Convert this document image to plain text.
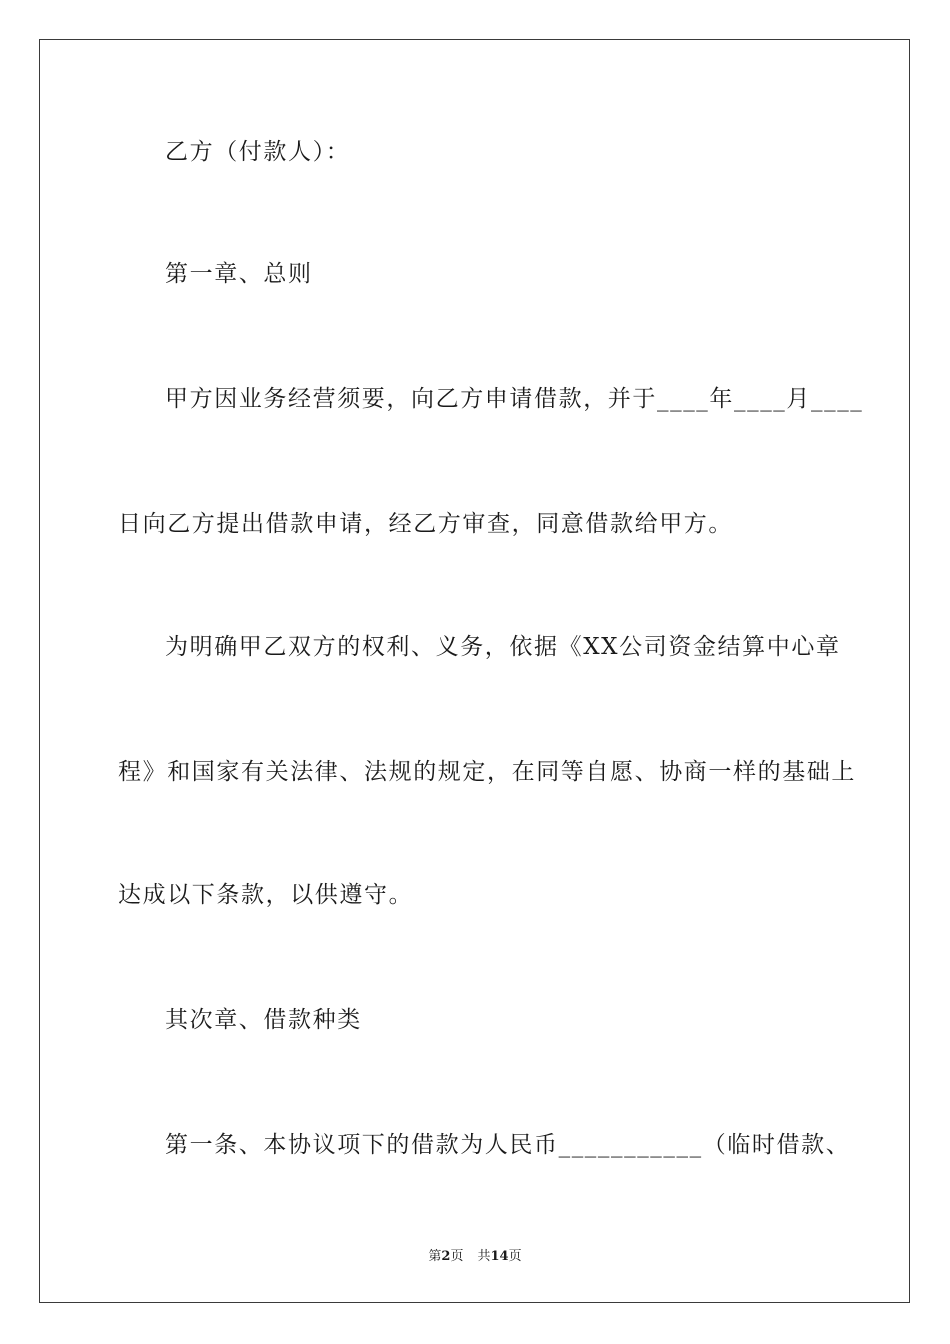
乙方（付款人）：
第一章、总则
甲方因业务经营须要，向乙方申请借款，并于____年____月____
日向乙方提出借款申请，经乙方审查，同意借款给甲方。
为明确甲乙双方的权利、义务，依据《XX公司资金结算中心章
程》和国家有关法律、法规的规定，在同等自愿、协商一样的基础上
达成以下条款，以供遵守。
其次章、借款种类
第一条、本协议项下的借款为人民币___________（临时借款、
第2页 共14页
